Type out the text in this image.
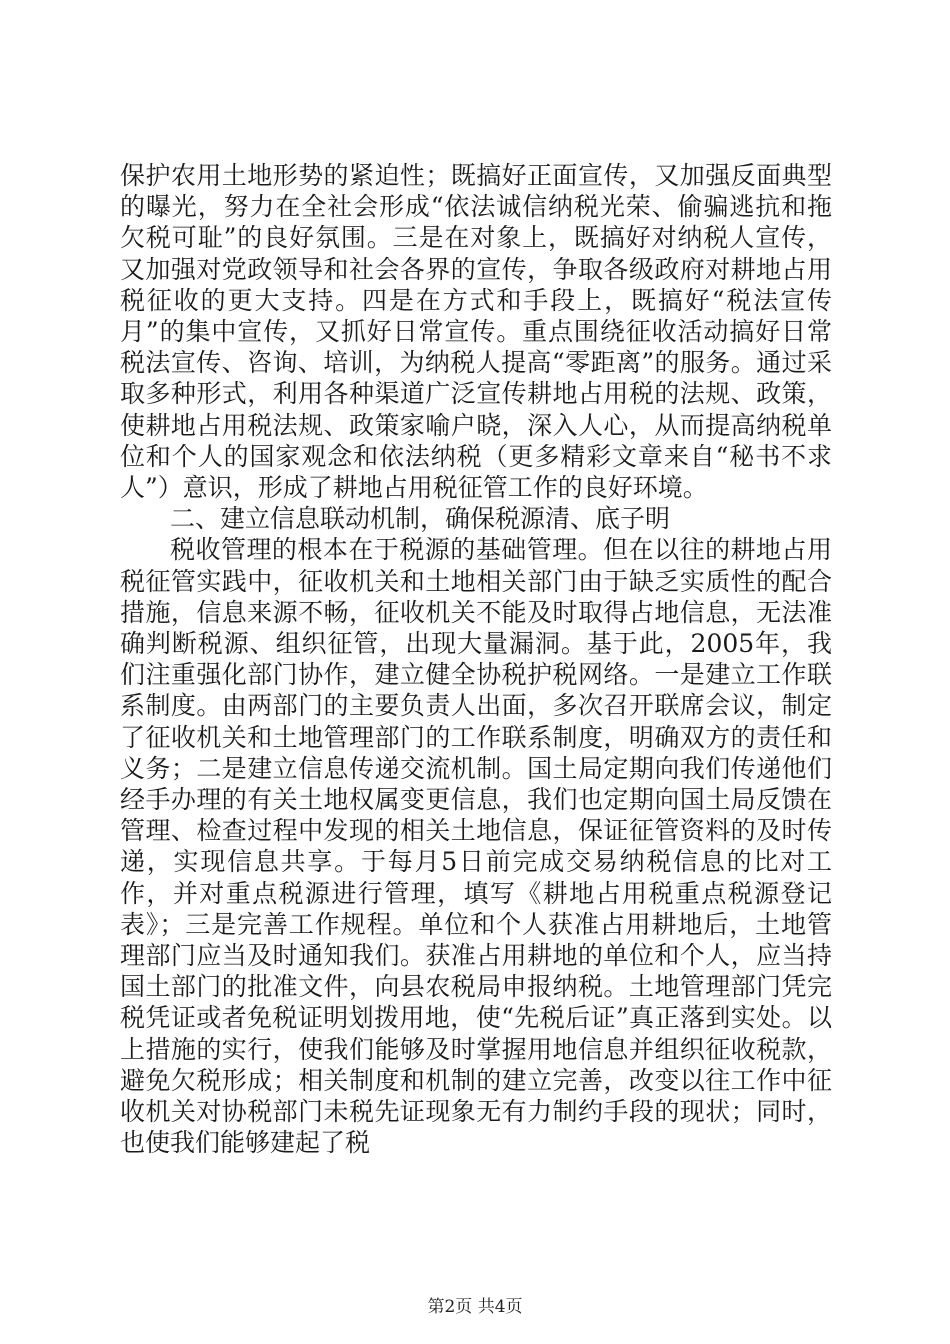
保护农用土地形势的紧迫性；既搞好正面宣传，又加强反面典型的曝光，努力在全社会形成“依法诚信纳税光荣、偷骗逃抗和拖欠税可耻”的良好氛围。三是在对象上，既搞好对纳税人宣传，又加强对党政领导和社会各界的宣传，争取各级政府对耕地占用税征收的更大支持。四是在方式和手段上，既搞好“税法宣传月”的集中宣传，又抓好日常宣传。重点围绕征收活动搞好日常税法宣传、咨询、培训，为纳税人提高“零距离”的服务。通过采取多种形式，利用各种渠道广泛宣传耕地占用税的法规、政策，使耕地占用税法规、政策家喻户晓，深入人心，从而提高纳税单位和个人的国家观念和依法纳税（更多精彩文章来自“秘书不求人”）意识，形成了耕地占用税征管工作的良好环境。

二、建立信息联动机制，确保税源清、底子明

税收管理的根本在于税源的基础管理。但在以往的耕地占用税征管实践中，征收机关和土地相关部门由于缺乏实质性的配合措施，信息来源不畅，征收机关不能及时取得占地信息，无法准确判断税源、组织征管，出现大量漏洞。基于此，2005年，我们注重强化部门协作，建立健全协税护税网络。一是建立工作联系制度。由两部门的主要负责人出面，多次召开联席会议，制定了征收机关和土地管理部门的工作联系制度，明确双方的责任和义务；二是建立信息传递交流机制。国土局定期向我们传递他们经手办理的有关土地权属变更信息，我们也定期向国土局反馈在管理、检查过程中发现的相关土地信息，保证征管资料的及时传递，实现信息共享。于每月5日前完成交易纳税信息的比对工作，并对重点税源进行管理，填写《耕地占用税重点税源登记表》；三是完善工作规程。单位和个人获准占用耕地后，土地管理部门应当及时通知我们。获准占用耕地的单位和个人，应当持国土部门的批准文件，向县农税局申报纳税。土地管理部门凭完税凭证或者免税证明划拨用地，使“先税后证”真正落到实处。以上措施的实行，使我们能够及时掌握用地信息并组织征收税款，避免欠税形成；相关制度和机制的建立完善，改变以往工作中征收机关对协税部门未税先证现象无有力制约手段的现状；同时，也使我们能够建起了税

第2页 共4页
